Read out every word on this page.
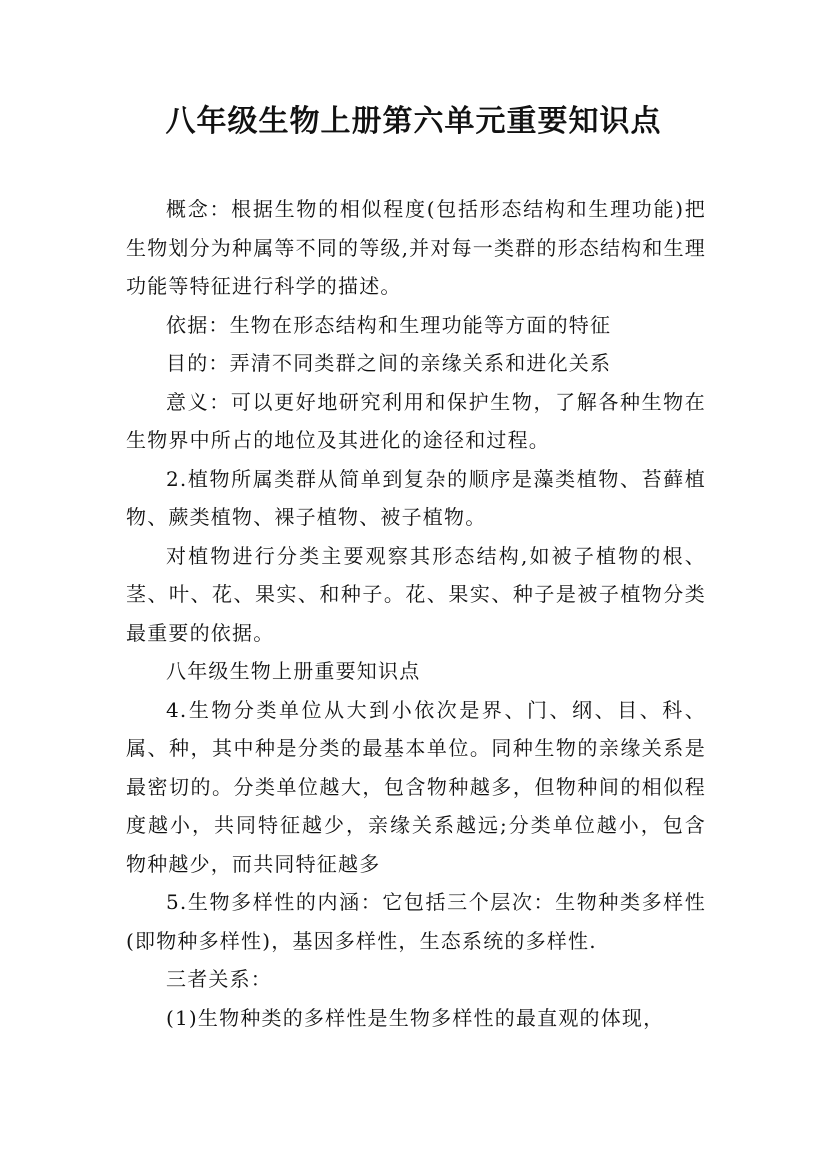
八年级生物上册第六单元重要知识点

概念：根据生物的相似程度(包括形态结构和生理功能)把生物划分为种属等不同的等级,并对每一类群的形态结构和生理功能等特征进行科学的描述。

依据：生物在形态结构和生理功能等方面的特征

目的：弄清不同类群之间的亲缘关系和进化关系

意义：可以更好地研究利用和保护生物，了解各种生物在生物界中所占的地位及其进化的途径和过程。

2.植物所属类群从简单到复杂的顺序是藻类植物、苔藓植物、蕨类植物、裸子植物、被子植物。

对植物进行分类主要观察其形态结构,如被子植物的根、茎、叶、花、果实、和种子。花、果实、种子是被子植物分类最重要的依据。

八年级生物上册重要知识点

4.生物分类单位从大到小依次是界、门、纲、目、科、属、种，其中种是分类的最基本单位。同种生物的亲缘关系是最密切的。分类单位越大，包含物种越多，但物种间的相似程度越小，共同特征越少，亲缘关系越远;分类单位越小，包含物种越少，而共同特征越多

5.生物多样性的内涵：它包括三个层次：生物种类多样性(即物种多样性)，基因多样性，生态系统的多样性.

三者关系：

(1)生物种类的多样性是生物多样性的最直观的体现，
